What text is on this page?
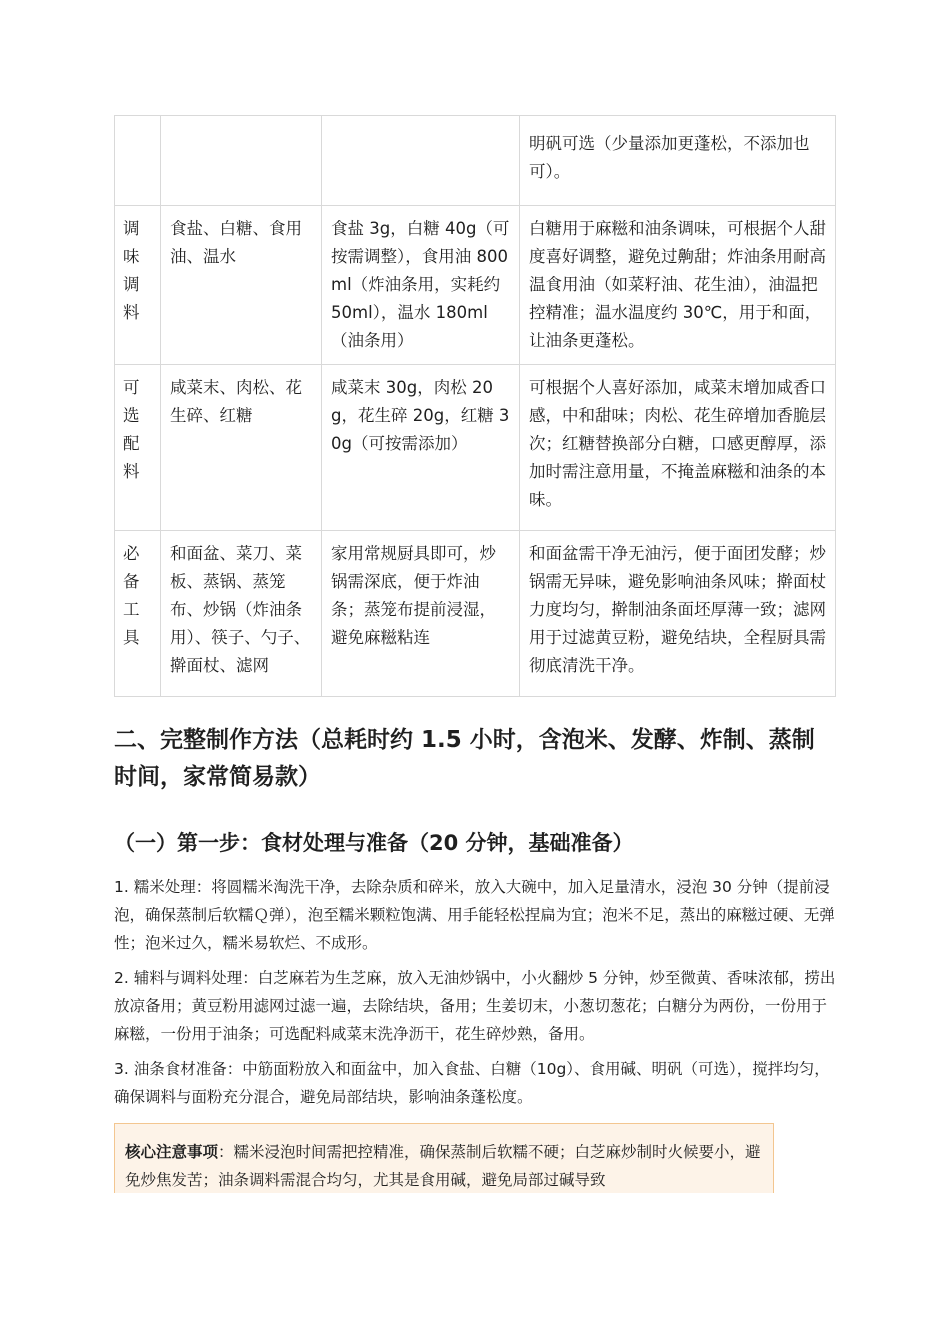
			明矾可选（少量添加更蓬松，不添加也可）。

调味调料	食盐、白糖、食用油、温水	食盐 3g，白糖 40g（可按需调整），食用油 800ml（炸油条用，实耗约 50ml），温水 180ml（油条用）	白糖用于麻糍和油条调味，可根据个人甜度喜好调整，避免过齁甜；炸油条用耐高温食用油（如菜籽油、花生油），油温把控精准；温水温度约 30℃，用于和面，让油条更蓬松。

可选配料	咸菜末、肉松、花生碎、红糖	咸菜末 30g，肉松 20g，花生碎 20g，红糖 30g（可按需添加）	可根据个人喜好添加，咸菜末增加咸香口感，中和甜味；肉松、花生碎增加香脆层次；红糖替换部分白糖，口感更醇厚，添加时需注意用量，不掩盖麻糍和油条的本味。

必备工具	和面盆、菜刀、菜板、蒸锅、蒸笼布、炒锅（炸油条用）、筷子、勺子、擀面杖、滤网	家用常规厨具即可，炒锅需深底，便于炸油条；蒸笼布提前浸湿，避免麻糍粘连	和面盆需干净无油污，便于面团发酵；炒锅需无异味，避免影响油条风味；擀面杖力度均匀，擀制油条面坯厚薄一致；滤网用于过滤黄豆粉，避免结块，全程厨具需彻底清洗干净。
二、完整制作方法（总耗时约 1.5 小时，含泡米、发酵、炸制、蒸制时间，家常简易款）
（一）第一步：食材处理与准备（20 分钟，基础准备）
1. 糯米处理：将圆糯米淘洗干净，去除杂质和碎米，放入大碗中，加入足量清水，浸泡 30 分钟（提前浸泡，确保蒸制后软糯Ｑ弹），泡至糯米颗粒饱满、用手能轻松捏扁为宜；泡米不足，蒸出的麻糍过硬、无弹性；泡米过久，糯米易软烂、不成形。
2. 辅料与调料处理：白芝麻若为生芝麻，放入无油炒锅中，小火翻炒 5 分钟，炒至微黄、香味浓郁，捞出放凉备用；黄豆粉用滤网过滤一遍，去除结块，备用；生姜切末，小葱切葱花；白糖分为两份，一份用于麻糍，一份用于油条；可选配料咸菜末洗净沥干，花生碎炒熟，备用。
3. 油条食材准备：中筋面粉放入和面盆中，加入食盐、白糖（10g）、食用碱、明矾（可选），搅拌均匀，确保调料与面粉充分混合，避免局部结块，影响油条蓬松度。
核心注意事项：糯米浸泡时间需把控精准，确保蒸制后软糯不硬；白芝麻炒制时火候要小，避免炒焦发苦；油条调料需混合均匀，尤其是食用碱，避免局部过碱导致
